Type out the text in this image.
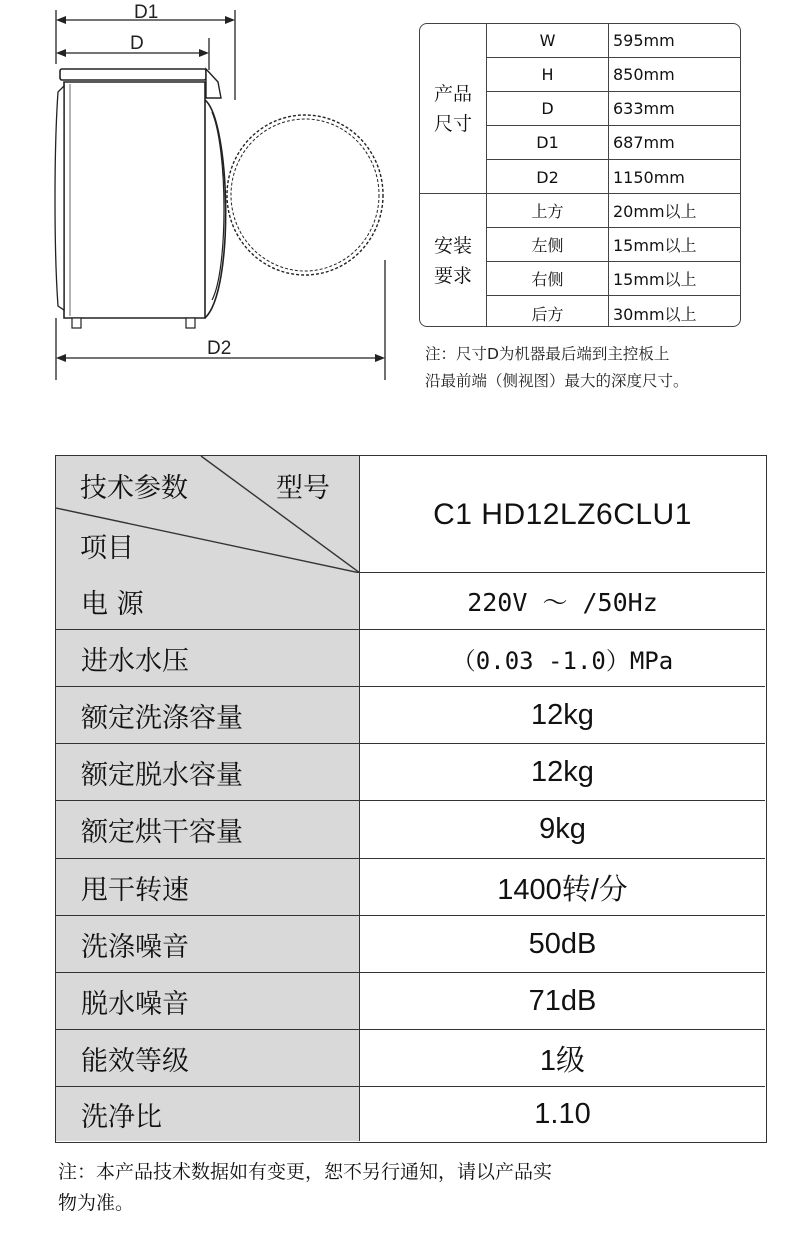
D1
D
D2
产品
尺寸
W	595mm
H	850mm
D	633mm
D1	687mm
D2	1150mm
安装
要求
上方	20mm以上
左侧	15mm以上
右侧	15mm以上
后方	30mm以上
注：尺寸D为机器最后端到主控板上
沿最前端（侧视图）最大的深度尺寸。
技术参数	型号
项目
C1 HD12LZ6CLU1
电 源	220V ～ /50Hz
进水水压	（0.03 -1.0）MPa
额定洗涤容量	12kg
额定脱水容量	12kg
额定烘干容量	9kg
甩干转速	1400转/分
洗涤噪音	50dB
脱水噪音	71dB
能效等级	1级
洗净比	1.10
注：本产品技术数据如有变更，恕不另行通知，请以产品实
物为准。
